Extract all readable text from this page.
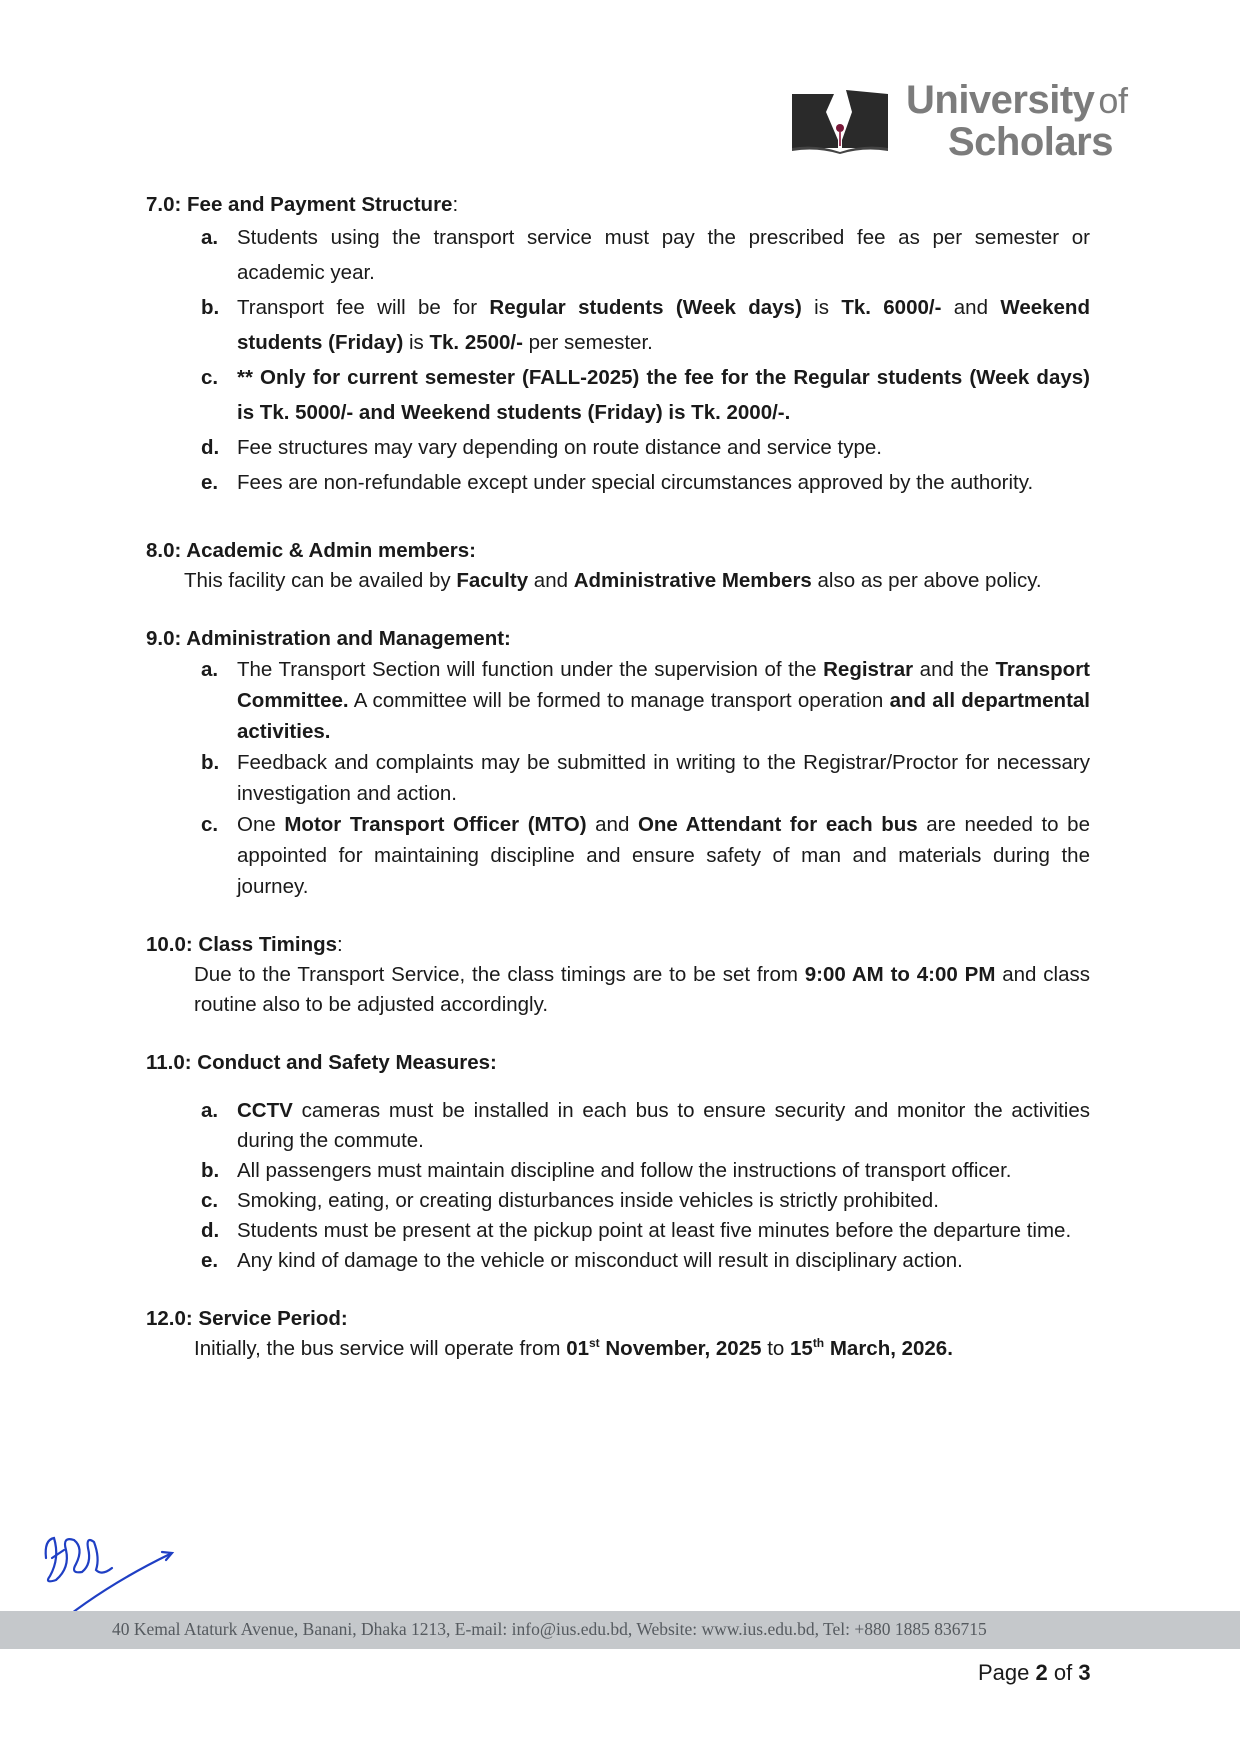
University of
Scholars
7.0: Fee and Payment Structure:
a. Students using the transport service must pay the prescribed fee as per semester or academic year.
b. Transport fee will be for Regular students (Week days) is Tk. 6000/- and Weekend students (Friday) is Tk. 2500/- per semester.
c. ** Only for current semester (FALL-2025) the fee for the Regular students (Week days) is Tk. 5000/- and Weekend students (Friday) is Tk. 2000/-.
d. Fee structures may vary depending on route distance and service type.
e. Fees are non-refundable except under special circumstances approved by the authority.
8.0: Academic & Admin members:
This facility can be availed by Faculty and Administrative Members also as per above policy.
9.0: Administration and Management:
a. The Transport Section will function under the supervision of the Registrar and the Transport Committee. A committee will be formed to manage transport operation and all departmental activities.
b. Feedback and complaints may be submitted in writing to the Registrar/Proctor for necessary investigation and action.
c. One Motor Transport Officer (MTO) and One Attendant for each bus are needed to be appointed for maintaining discipline and ensure safety of man and materials during the journey.
10.0: Class Timings:
Due to the Transport Service, the class timings are to be set from 9:00 AM to 4:00 PM and class routine also to be adjusted accordingly.
11.0: Conduct and Safety Measures:
a. CCTV cameras must be installed in each bus to ensure security and monitor the activities during the commute.
b. All passengers must maintain discipline and follow the instructions of transport officer.
c. Smoking, eating, or creating disturbances inside vehicles is strictly prohibited.
d. Students must be present at the pickup point at least five minutes before the departure time.
e. Any kind of damage to the vehicle or misconduct will result in disciplinary action.
12.0: Service Period:
Initially, the bus service will operate from 01st November, 2025 to 15th March, 2026.
40 Kemal Ataturk Avenue, Banani, Dhaka 1213, E-mail: info@ius.edu.bd, Website: www.ius.edu.bd, Tel: +880 1885 836715
Page 2 of 3
